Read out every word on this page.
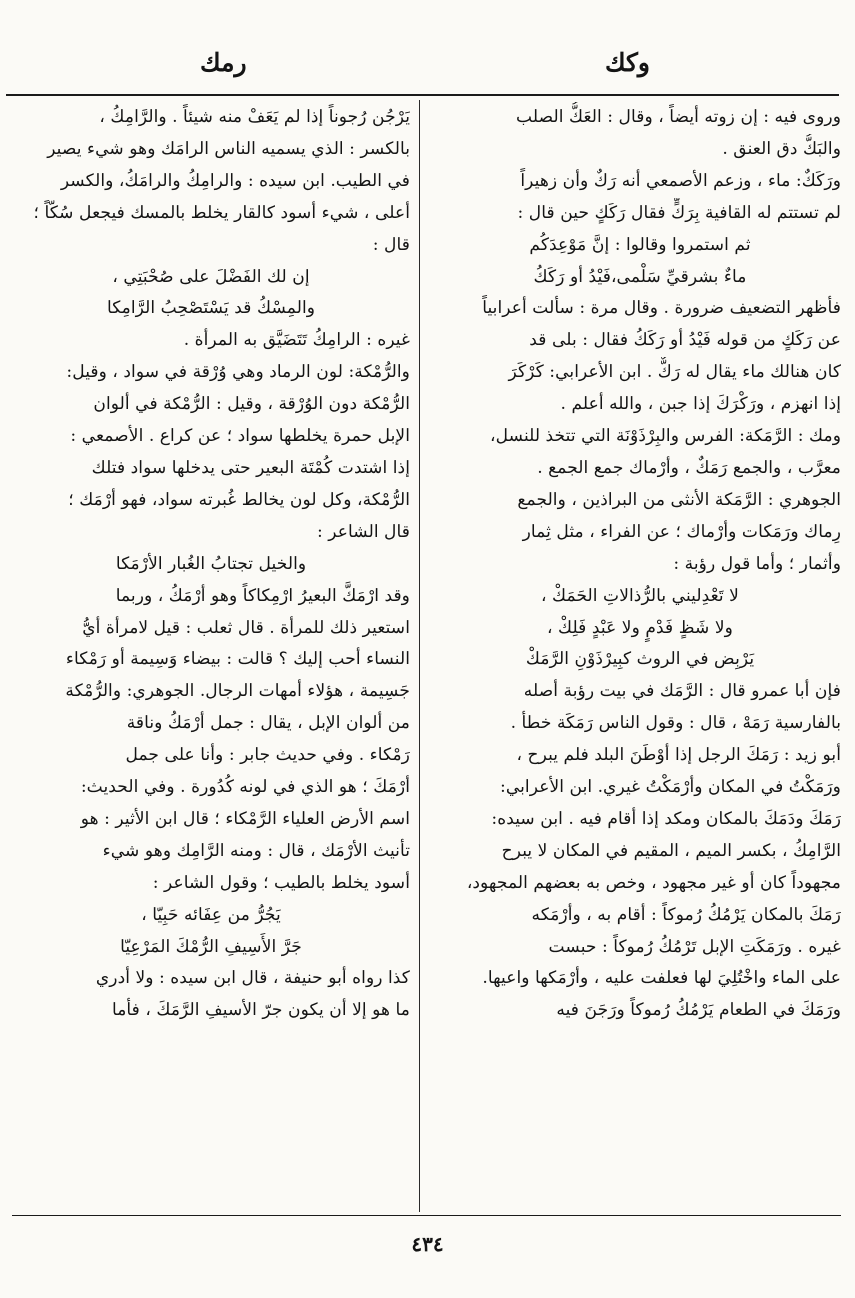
وكك
رمك
وروى فيه : إن زوته أيضاً ، وقال : العَكُّ الصلب
والبَكُّ دق العنق .
ورَكَكٌ: ماء ، وزعم الأصمعي أنه رَكٌ وأن زهيراً
لم تستتم له القافية بِرَكٍّ فقال رَكَكٍ حين قال :
ثم استمروا وقالوا : إنَّ مَوْعِدَكُم
ماءٌ بشرقيِّ سَلْمى،فَيْدُ أو رَكَكُ
فأظهر التضعيف ضرورة . وقال مرة : سألت أعرابياً
عن رَكَكٍ من قوله فَيْدُ أو رَكَكُ فقال : بلى قد
كان هنالك ماء يقال له رَكٌّ . ابن الأعرابي: كَرْكَرَ
إذا انهزم ، ورَكْرَكَ إذا جبن ، والله أعلم .
ومك : الرَّمَكة: الفرس والبِرْذَوْنَة التي تتخذ للنسل،
معرَّب ، والجمع رَمَكٌ ، وأرْماك جمع الجمع .
الجوهري : الرَّمَكة الأنثى من البراذين ، والجمع
رِماك ورَمَكات وأرْماك ؛ عن الفراء ، مثل ثِمار
وأثمار ؛ وأما قول رؤبة :
لا تَعْدِليني بالرُّذالاتِ الحَمَكْ ،
ولا شَظٍ فَدْمٍ ولا عَبْدٍ فَلِكْ ،
يَرْبِض في الروث كبِيرْذَوْنِ الرَّمَكْ
فإن أبا عمرو قال : الرَّمَك في بيت رؤبة أصله
بالفارسية رَمَهْ ، قال : وقول الناس رَمَكَة خطأ .
أبو زيد : رَمَكَ الرجل إذا أوْطَنَ البلد فلم يبرح ،
ورَمَكْتُ في المكان وأرْمَكْتُ غيري. ابن الأعرابي:
رَمَكَ ودَمَكَ بالمكان ومكد إذا أقام فيه . ابن سيده:
الرَّامِكُ ، بكسر الميم ، المقيم في المكان لا يبرح
مجهوداً كان أو غير مجهود ، وخص به بعضهم المجهود،
رَمَكَ بالمكان يَرْمُكُ رُموكاً : أقام به ، وأرْمَكه
غيره . ورَمَكَتِ الإبل تَرْمُكُ رُموكاً : حبست
على الماء واخْتُلِيَ لها فعلفت عليه ، وأرْمَكها واعيها.
ورَمَكَ في الطعام يَرْمُكُ رُموكاً ورَجَنَ فيه
يَرْجُن رُجوناً إذا لم يَعَفْ منه شيئاً . والرَّامِكُ ،
بالكسر : الذي يسميه الناس الرامَك وهو شيء يصير
في الطيب. ابن سيده : والرامِكُ والرامَكُ، والكسر
أعلى ، شيء أسود كالقار يخلط بالمسك فيجعل سُكّاً ؛
قال :
إن لك الفَضْلَ على صُحْبَتِي ،
والمِسْكُ قد يَسْتَصْحِبُ الرَّامِكا
غيره : الرامِكُ تَتَضَيَّق به المرأة .
والرُّمْكة: لون الرماد وهي وُرْقة في سواد ، وقيل:
الرُّمْكة دون الوُرْقة ، وقيل : الرُّمْكة في ألوان
الإبل حمرة يخلطها سواد ؛ عن كراع . الأصمعي :
إذا اشتدت كُمْتَة البعير حتى يدخلها سواد فتلك
الرُّمْكة، وكل لون يخالط غُبرته سواد، فهو أرْمَك ؛
قال الشاعر :
والخيل تجتابُ الغُبار الأرْمَكا
وقد ارْمَكَّ البعيرُ ارْمِكاكاً وهو أرْمَكُ ، وربما
استعير ذلك للمرأة . قال ثعلب : قيل لامرأة أيُّ
النساء أحب إليك ؟ قالت : بيضاء وَسِيمة أو رَمْكاء
جَسِيمة ، هؤلاء أمهات الرجال. الجوهري: والرُّمْكة
من ألوان الإبل ، يقال : جمل أرْمَكُ وناقة
رَمْكاء . وفي حديث جابر : وأنا على جمل
أرْمَكَ ؛ هو الذي في لونه كُدُورة . وفي الحديث:
اسم الأرض العلياء الرَّمْكاء ؛ قال ابن الأثير : هو
تأنيث الأرْمَك ، قال : ومنه الرَّامِك وهو شيء
أسود يخلط بالطيب ؛ وقول الشاعر :
يَجُرُّ من عِفَائه حَبِيّا ،
جَرَّ الأَسِيفِ الرُّمْكَ المَرْعِيّا
كذا رواه أبو حنيفة ، قال ابن سيده : ولا أدري
ما هو إلا أن يكون جرّ الأسيفِ الرَّمَكَ ، فأما
٤٣٤
